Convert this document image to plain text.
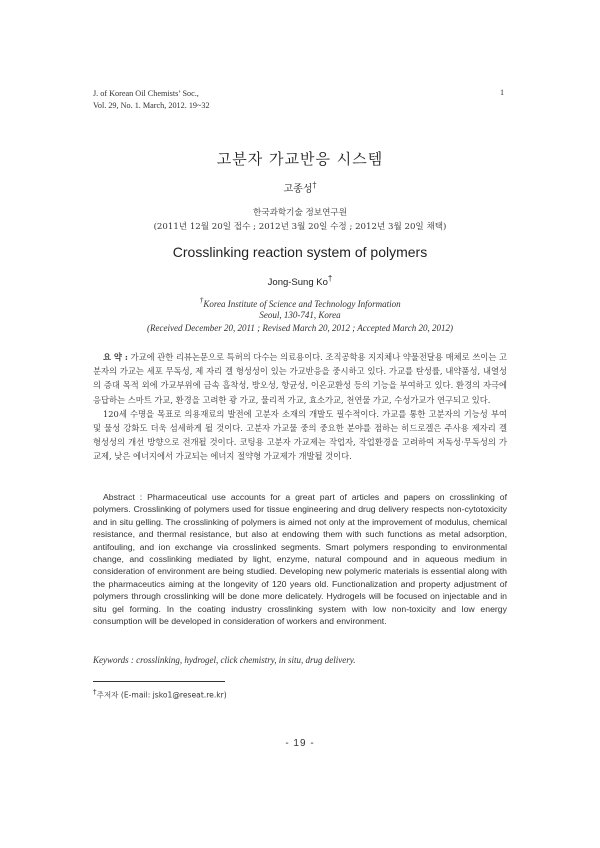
J. of Korean Oil Chemists’ Soc.,
Vol. 29, No. 1. March, 2012. 19~32
1
고분자 가교반응 시스템
고종성†
한국과학기술 정보연구원
(2011년 12월 20일 접수 ; 2012년 3월 20일 수정 ; 2012년 3월 20일 채택)
Crosslinking reaction system of polymers
Jong-Sung Ko†
†Korea Institute of Science and Technology Information
Seoul, 130-741, Korea
(Received December 20, 2011 ; Revised March 20, 2012 ; Accepted March 20, 2012)

요 약 : 가교에 관한 리뷰논문으로 특허의 다수는 의료용이다. 조직공학용 지지체나 약물전달용 매체로 쓰이는 고분자의 가교는 세포 무독성, 제 자리 겔 형성성이 있는 가교반응을 중시하고 있다. 가교를 탄성률, 내약품성, 내열성의 증대 목적 외에 가교부위에 금속 흡착성, 방오성, 항균성, 이온교환성 등의 기능을 부여하고 있다. 환경의 자극에 응답하는 스마트 가교, 환경을 고려한 광 가교, 물리적 가교, 효소가교, 천연물 가교, 수성가교가 연구되고 있다.

120세 수명을 목표로 의용재료의 발전에 고분자 소재의 개발도 필수적이다. 가교를 통한 고분자의 기능성 부여 및 물성 강화도 더욱 섬세하게 될 것이다. 고분자 가교물 중의 중요한 분야를 점하는 히드로겔은 주사용 제자리 겔 형성성의 개선 방향으로 전개될 것이다. 코팅용 고분자 가교제는 작업자, 작업환경을 고려하여 저독성·무독성의 가교제, 낮은 에너지에서 가교되는 에너지 절약형 가교제가 개발될 것이다.

Abstract : Pharmaceutical use accounts for a great part of articles and papers on crosslinking of polymers. Crosslinking of polymers used for tissue engineering and drug delivery respects non-cytotoxicity and in situ gelling. The crosslinking of polymers is aimed not only at the improvement of modulus, chemical resistance, and thermal resistance, but also at endowing them with such functions as metal adsorption, antifouling, and ion exchange via crosslinked segments. Smart polymers responding to environmental change, and cosslinking mediated by light, enzyme, natural compound and in aqueous medium in consideration of environment are being studied. Developing new polymeric materials is essential along with the pharmaceutics aiming at the longevity of 120 years old. Functionalization and property adjustment of polymers through crosslinking will be done more delicately. Hydrogels will be focused on injectable and in situ gel forming. In the coating industry crosslinking system with low non-toxicity and low energy consumption will be developed in consideration of workers and environment.

Keywords : crosslinking, hydrogel, click chemistry, in situ, drug delivery.
†주저자 (E-mail: jsko1@reseat.re.kr)
- 19 -
